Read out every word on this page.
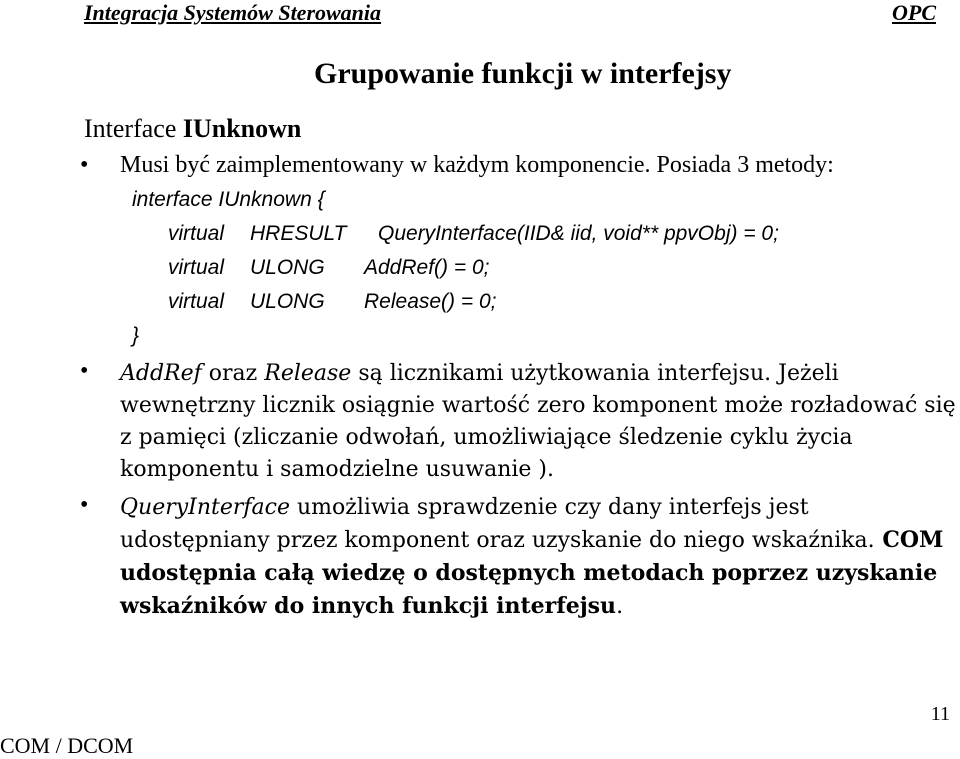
Integracja Systemów Sterowania	OPC
Grupowanie funkcji w interfejsy
Interface IUnknown
• Musi być zaimplementowany w każdym komponencie. Posiada 3 metody:
interface IUnknown {
virtual HRESULT QueryInterface(IID& iid, void** ppvObj) = 0;
virtual ULONG AddRef() = 0;
virtual ULONG Release() = 0;
}
• AddRef oraz Release są licznikami użytkowania interfejsu. Jeżeli wewnętrzny licznik osiągnie wartość zero komponent może rozładować się z pamięci (zliczanie odwołań, umożliwiające śledzenie cyklu życia komponentu i samodzielne usuwanie ).
• QueryInterface umożliwia sprawdzenie czy dany interfejs jest udostępniany przez komponent oraz uzyskanie do niego wskaźnika. COM udostępnia całą wiedzę o dostępnych metodach poprzez uzyskanie wskaźników do innych funkcji interfejsu.
COM / DCOM
11
